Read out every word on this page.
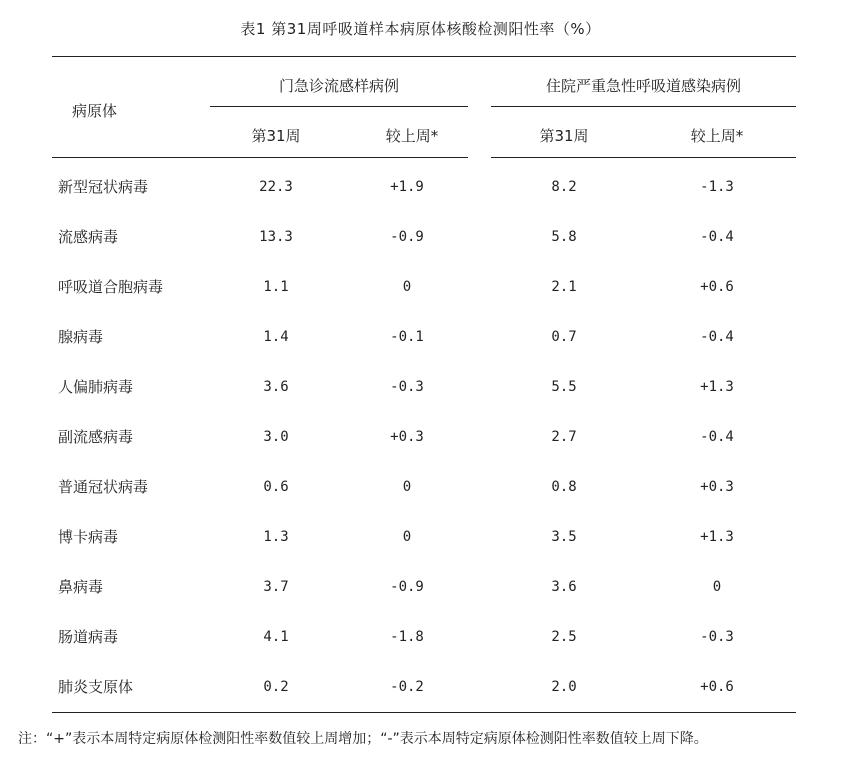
表1 第31周呼吸道样本病原体核酸检测阳性率（%）
门急诊流感样病例	住院严重急性呼吸道感染病例
病原体
第31周	较上周*	第31周	较上周*
新型冠状病毒	22.3	+1.9	8.2	-1.3
流感病毒	13.3	-0.9	5.8	-0.4
呼吸道合胞病毒	1.1	0	2.1	+0.6
腺病毒	1.4	-0.1	0.7	-0.4
人偏肺病毒	3.6	-0.3	5.5	+1.3
副流感病毒	3.0	+0.3	2.7	-0.4
普通冠状病毒	0.6	0	0.8	+0.3
博卡病毒	1.3	0	3.5	+1.3
鼻病毒	3.7	-0.9	3.6	0
肠道病毒	4.1	-1.8	2.5	-0.3
肺炎支原体	0.2	-0.2	2.0	+0.6
注：“+”表示本周特定病原体检测阳性率数值较上周增加；“-”表示本周特定病原体检测阳性率数值较上周下降。
